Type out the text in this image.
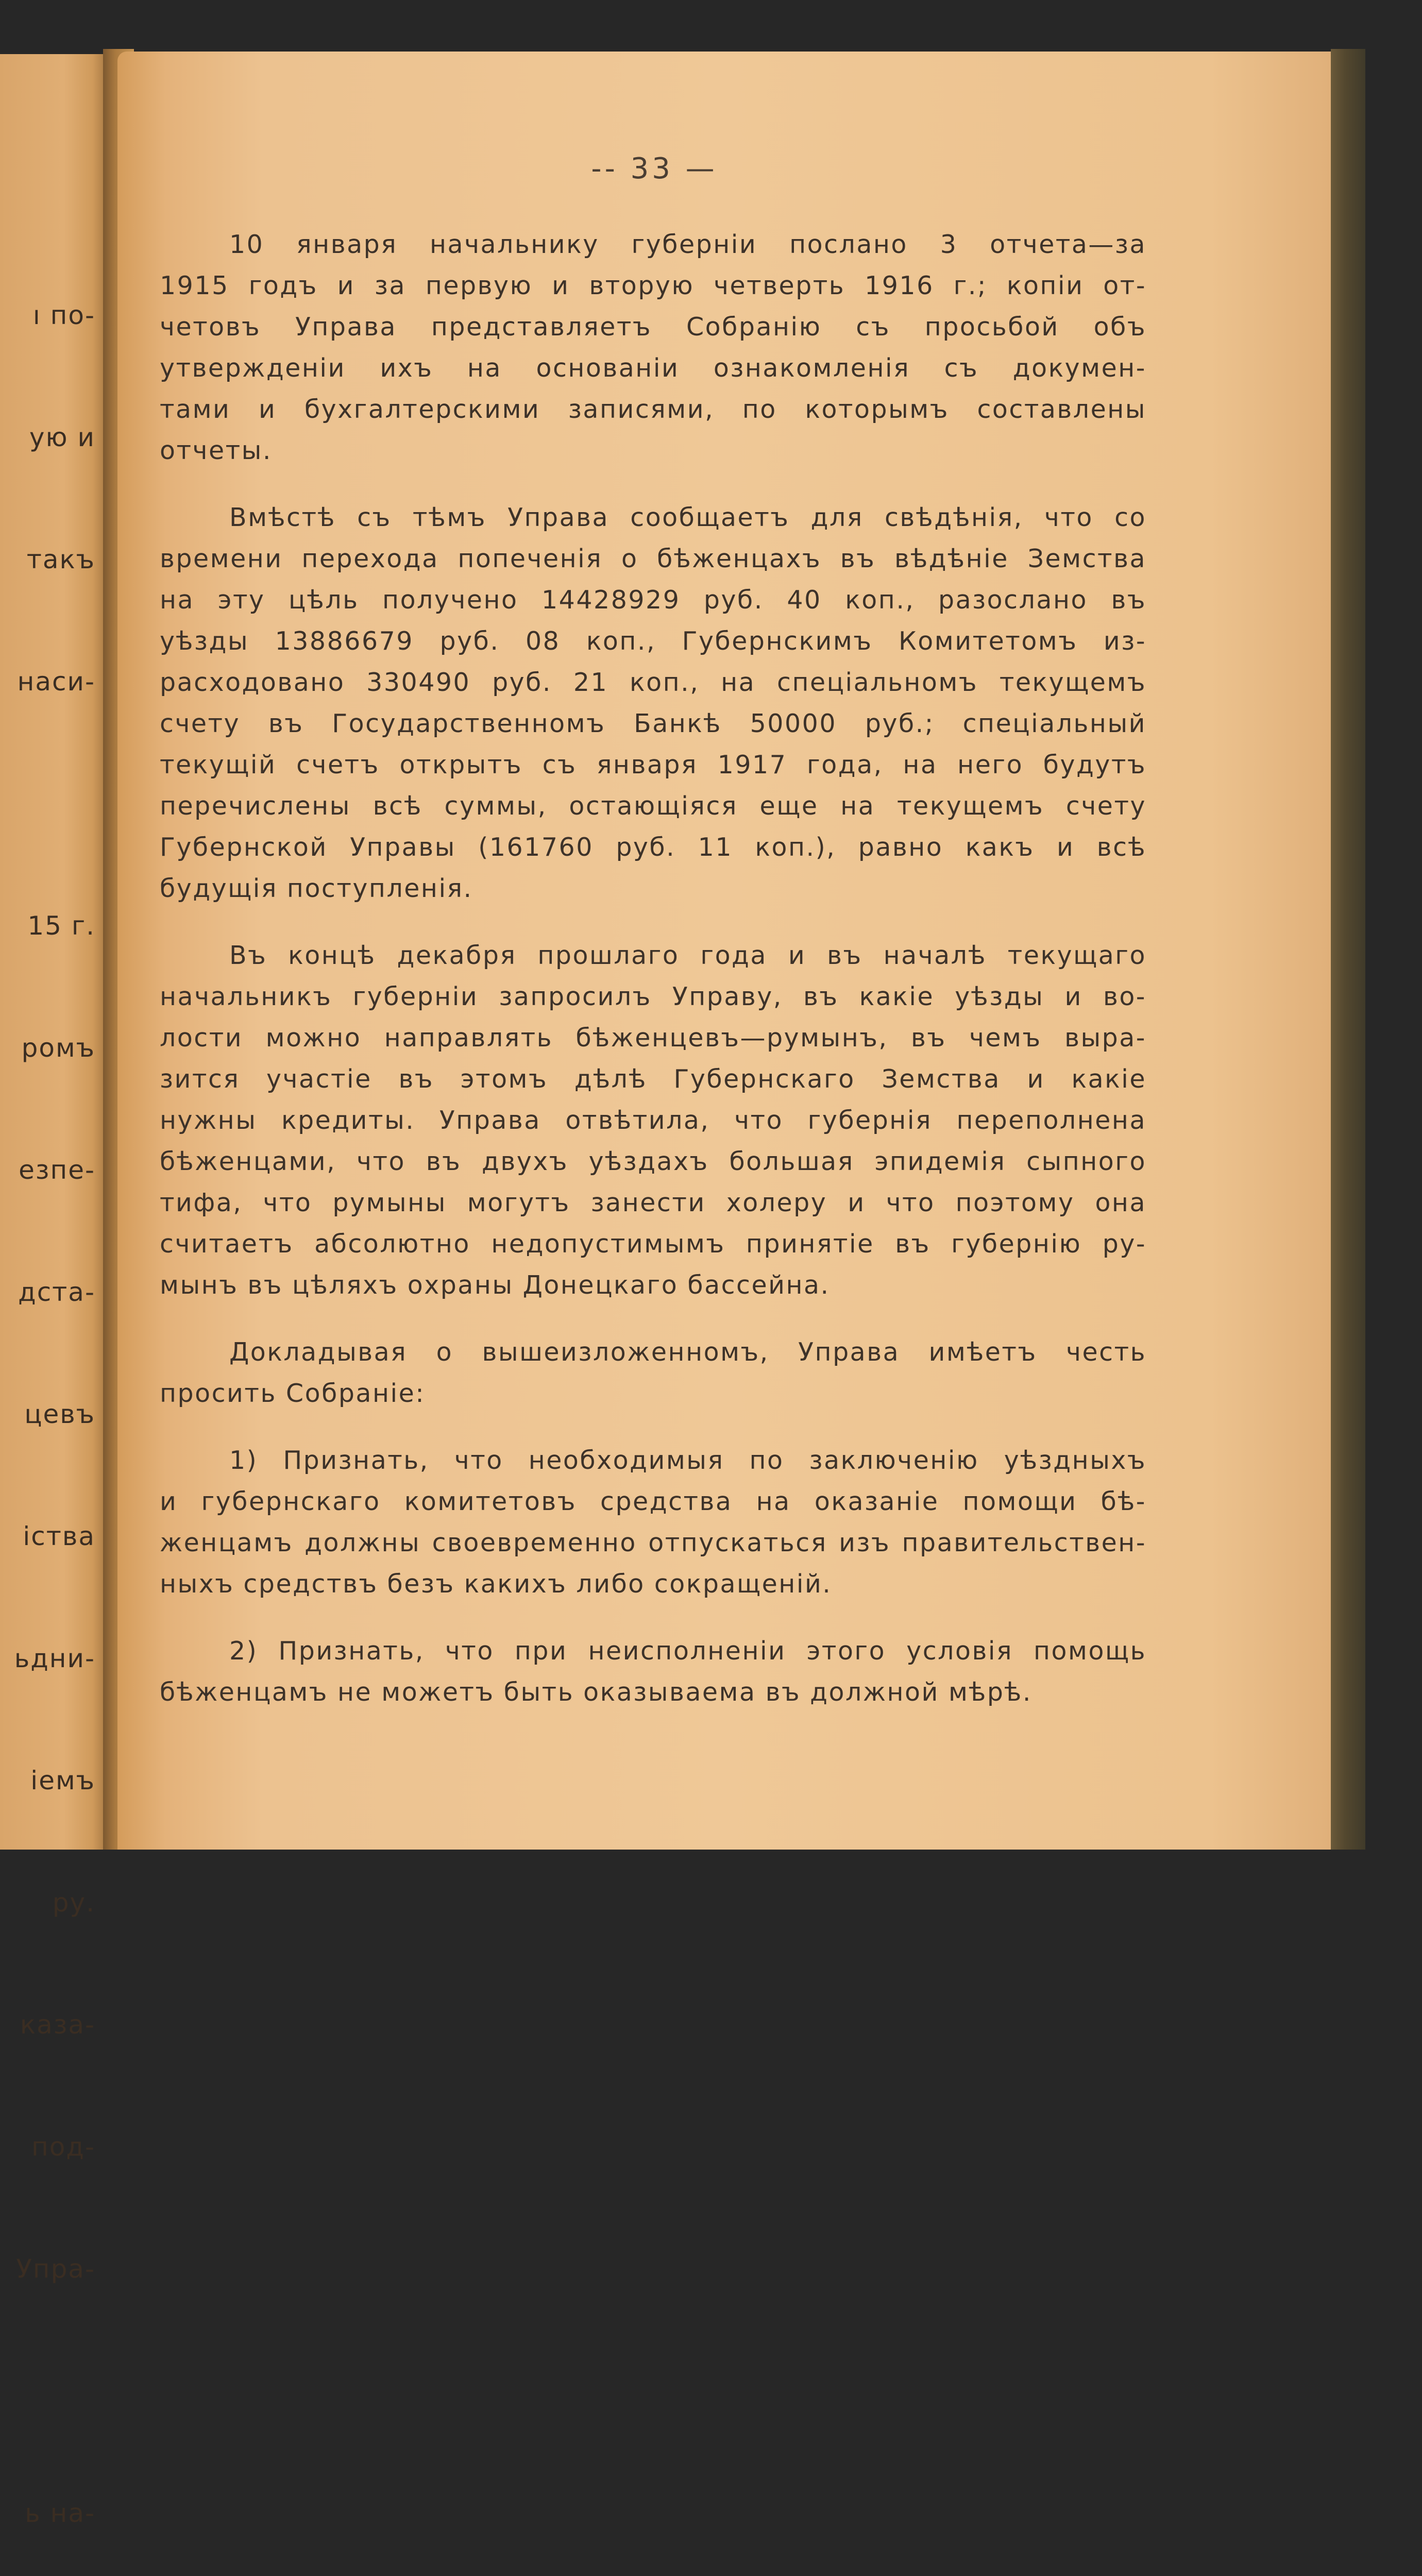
ı по-

ую и

такъ

наси-

15 г.

ромъ

езпе-

дста-

цевъ

іства

ьдни-

іемъ

ру.

каза-

под-

Упра-

ь на-

-- 33 —

10 января начальнику губерніи послано 3 отчета—за
1915 годъ и за первую и вторую четверть 1916 г.; копіи от-
четовъ Управа представляетъ Собранію съ просьбой объ
утвержденіи ихъ на основаніи ознакомленія съ докумен-
тами и бухгалтерскими записями, по которымъ составлены
отчеты.
Вмѣстѣ съ тѣмъ Управа сообщаетъ для свѣдѣнія, что со
времени перехода попеченія о бѣженцахъ въ вѣдѣніе Земства
на эту цѣль получено 14428929 руб. 40 коп., разослано въ
уѣзды 13886679 руб. 08 коп., Губернскимъ Комитетомъ из-
расходовано 330490 руб. 21 коп., на спеціальномъ текущемъ
счету въ Государственномъ Банкѣ 50000 руб.; спеціальный
текущій счетъ открытъ съ января 1917 года, на него будутъ
перечислены всѣ суммы, остающіяся еще на текущемъ счету
Губернской Управы (161760 руб. 11 коп.), равно какъ и всѣ
будущія поступленія.
Въ концѣ декабря прошлаго года и въ началѣ текущаго
начальникъ губерніи запросилъ Управу, въ какіе уѣзды и во-
лости можно направлять бѣженцевъ—румынъ, въ чемъ выра-
зится участіе въ этомъ дѣлѣ Губернскаго Земства и какіе
нужны кредиты. Управа отвѣтила, что губернія переполнена
бѣженцами, что въ двухъ уѣздахъ большая эпидемія сыпного
тифа, что румыны могутъ занести холеру и что поэтому она
считаетъ абсолютно недопустимымъ принятіе въ губернію ру-
мынъ въ цѣляхъ охраны Донецкаго бассейна.
Докладывая о вышеизложенномъ, Управа имѣетъ честь
просить Собраніе:
1) Признать, что необходимыя по заключенію уѣздныхъ
и губернскаго комитетовъ средства на оказаніе помощи бѣ-
женцамъ должны своевременно отпускаться изъ правительствен-
ныхъ средствъ безъ какихъ либо сокращеній.
2) Признать, что при неисполненіи этого условія помощь
бѣженцамъ не можетъ быть оказываема въ должной мѣрѣ.
